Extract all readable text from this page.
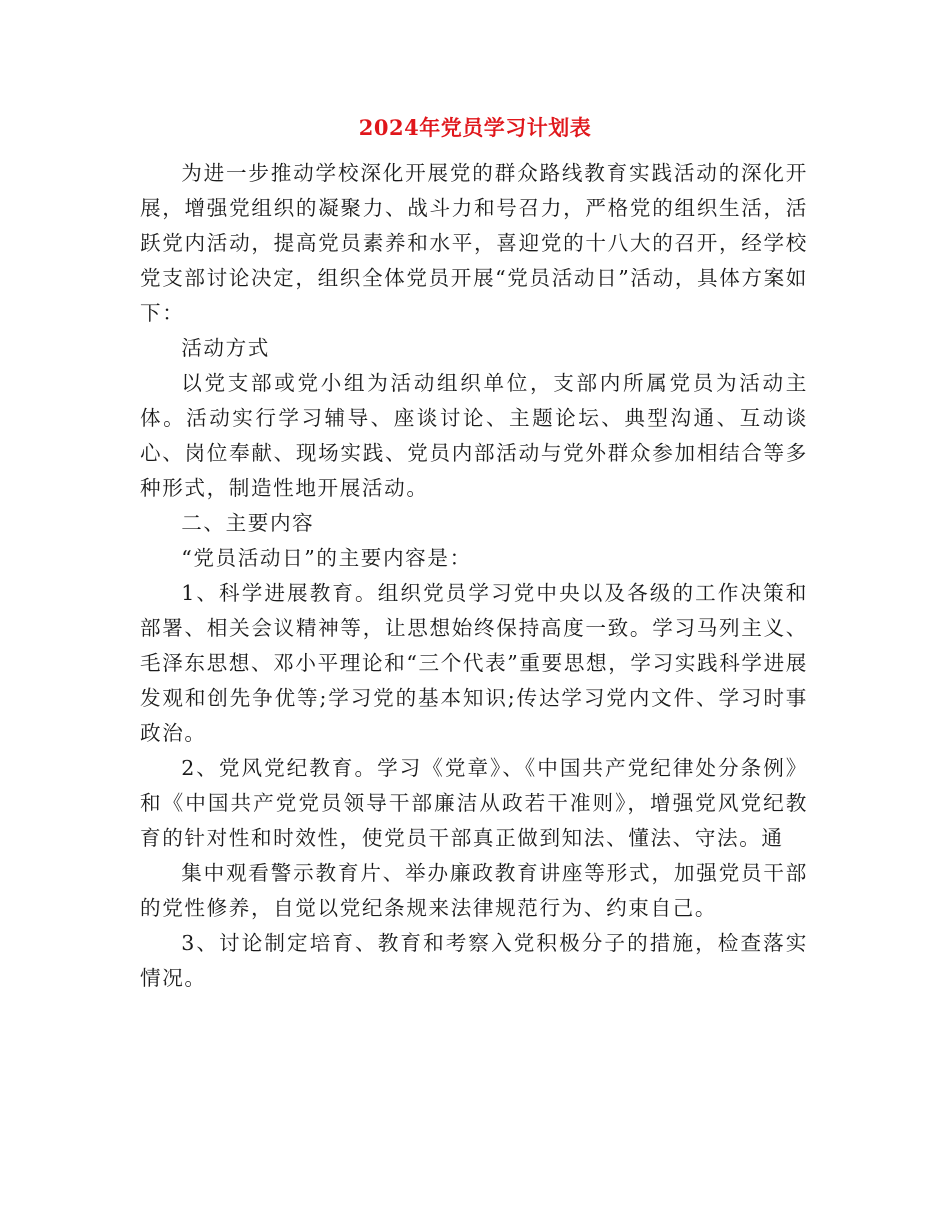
2024年党员学习计划表

为进一步推动学校深化开展党的群众路线教育实践活动的深化开展，增强党组织的凝聚力、战斗力和号召力，严格党的组织生活，活跃党内活动，提高党员素养和水平，喜迎党的十八大的召开，经学校党支部讨论决定，组织全体党员开展“党员活动日”活动，具体方案如下：

活动方式

以党支部或党小组为活动组织单位，支部内所属党员为活动主体。活动实行学习辅导、座谈讨论、主题论坛、典型沟通、互动谈心、岗位奉献、现场实践、党员内部活动与党外群众参加相结合等多种形式，制造性地开展活动。

二、主要内容

“党员活动日”的主要内容是：

1、科学进展教育。组织党员学习党中央以及各级的工作决策和部署、相关会议精神等，让思想始终保持高度一致。学习马列主义、毛泽东思想、邓小平理论和“三个代表”重要思想，学习实践科学进展发观和创先争优等;学习党的基本知识;传达学习党内文件、学习时事政治。

2、党风党纪教育。学习《党章》、《中国共产党纪律处分条例》和《中国共产党党员领导干部廉洁从政若干准则》，增强党风党纪教育的针对性和时效性，使党员干部真正做到知法、懂法、守法。通

集中观看警示教育片、举办廉政教育讲座等形式，加强党员干部的党性修养，自觉以党纪条规来法律规范行为、约束自己。

3、讨论制定培育、教育和考察入党积极分子的措施，检查落实情况。
